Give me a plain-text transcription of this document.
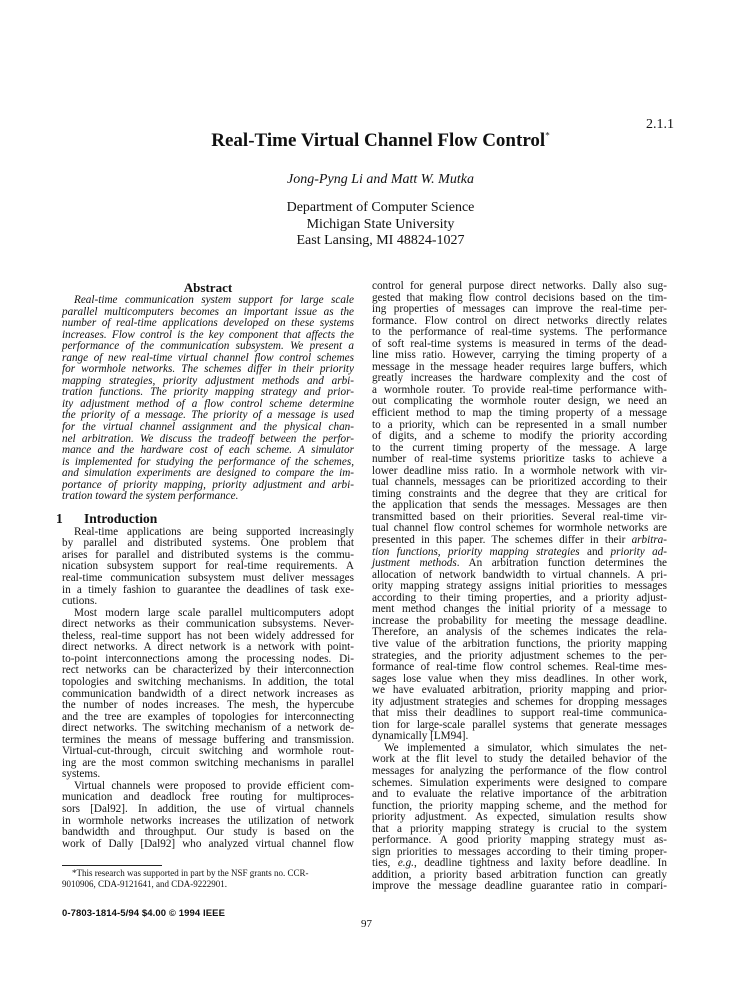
2.1.1
Real-Time Virtual Channel Flow Control*
Jong-Pyng Li and Matt W. Mutka
Department of Computer Science
Michigan State University
East Lansing, MI 48824-1027
Abstract
Real-time communication system support for large scale
parallel multicomputers becomes an important issue as the
number of real-time applications developed on these systems
increases. Flow control is the key component that affects the
performance of the communication subsystem. We present a
range of new real-time virtual channel flow control schemes
for wormhole networks. The schemes differ in their priority
mapping strategies, priority adjustment methods and arbi-
tration functions. The priority mapping strategy and prior-
ity adjustment method of a flow control scheme determine
the priority of a message. The priority of a message is used
for the virtual channel assignment and the physical chan-
nel arbitration. We discuss the tradeoff between the perfor-
mance and the hardware cost of each scheme. A simulator
is implemented for studying the performance of the schemes,
and simulation experiments are designed to compare the im-
portance of priority mapping, priority adjustment and arbi-
tration toward the system performance.
1 Introduction
Real-time applications are being supported increasingly
by parallel and distributed systems. One problem that
arises for parallel and distributed systems is the commu-
nication subsystem support for real-time requirements. A
real-time communication subsystem must deliver messages
in a timely fashion to guarantee the deadlines of task exe-
cutions.
Most modern large scale parallel multicomputers adopt
direct networks as their communication subsystems. Never-
theless, real-time support has not been widely addressed for
direct networks. A direct network is a network with point-
to-point interconnections among the processing nodes. Di-
rect networks can be characterized by their interconnection
topologies and switching mechanisms. In addition, the total
communication bandwidth of a direct network increases as
the number of nodes increases. The mesh, the hypercube
and the tree are examples of topologies for interconnecting
direct networks. The switching mechanism of a network de-
termines the means of message buffering and transmission.
Virtual-cut-through, circuit switching and wormhole rout-
ing are the most common switching mechanisms in parallel
systems.
Virtual channels were proposed to provide efficient com-
munication and deadlock free routing for multiproces-
sors [Dal92]. In addition, the use of virtual channels
in wormhole networks increases the utilization of network
bandwidth and throughput. Our study is based on the
work of Dally [Dal92] who analyzed virtual channel flow
control for general purpose direct networks. Dally also sug-
gested that making flow control decisions based on the tim-
ing properties of messages can improve the real-time per-
formance. Flow control on direct networks directly relates
to the performance of real-time systems. The performance
of soft real-time systems is measured in terms of the dead-
line miss ratio. However, carrying the timing property of a
message in the message header requires large buffers, which
greatly increases the hardware complexity and the cost of
a wormhole router. To provide real-time performance with-
out complicating the wormhole router design, we need an
efficient method to map the timing property of a message
to a priority, which can be represented in a small number
of digits, and a scheme to modify the priority according
to the current timing property of the message. A large
number of real-time systems prioritize tasks to achieve a
lower deadline miss ratio. In a wormhole network with vir-
tual channels, messages can be prioritized according to their
timing constraints and the degree that they are critical for
the application that sends the messages. Messages are then
transmitted based on their priorities. Several real-time vir-
tual channel flow control schemes for wormhole networks are
presented in this paper. The schemes differ in their arbitra-
tion functions, priority mapping strategies and priority ad-
justment methods. An arbitration function determines the
allocation of network bandwidth to virtual channels. A pri-
ority mapping strategy assigns initial priorities to messages
according to their timing properties, and a priority adjust-
ment method changes the initial priority of a message to
increase the probability for meeting the message deadline.
Therefore, an analysis of the schemes indicates the rela-
tive value of the arbitration functions, the priority mapping
strategies, and the priority adjustment schemes to the per-
formance of real-time flow control schemes. Real-time mes-
sages lose value when they miss deadlines. In other work,
we have evaluated arbitration, priority mapping and prior-
ity adjustment strategies and schemes for dropping messages
that miss their deadlines to support real-time communica-
tion for large-scale parallel systems that generate messages
dynamically [LM94].
We implemented a simulator, which simulates the net-
work at the flit level to study the detailed behavior of the
messages for analyzing the performance of the flow control
schemes. Simulation experiments were designed to compare
and to evaluate the relative importance of the arbitration
function, the priority mapping scheme, and the method for
priority adjustment. As expected, simulation results show
that a priority mapping strategy is crucial to the system
performance. A good priority mapping strategy must as-
sign priorities to messages according to their timing proper-
ties, e.g., deadline tightness and laxity before deadline. In
addition, a priority based arbitration function can greatly
improve the message deadline guarantee ratio in compari-
*This research was supported in part by the NSF grants no. CCR-
9010906, CDA-9121641, and CDA-9222901.
0-7803-1814-5/94 $4.00 © 1994 IEEE
97
